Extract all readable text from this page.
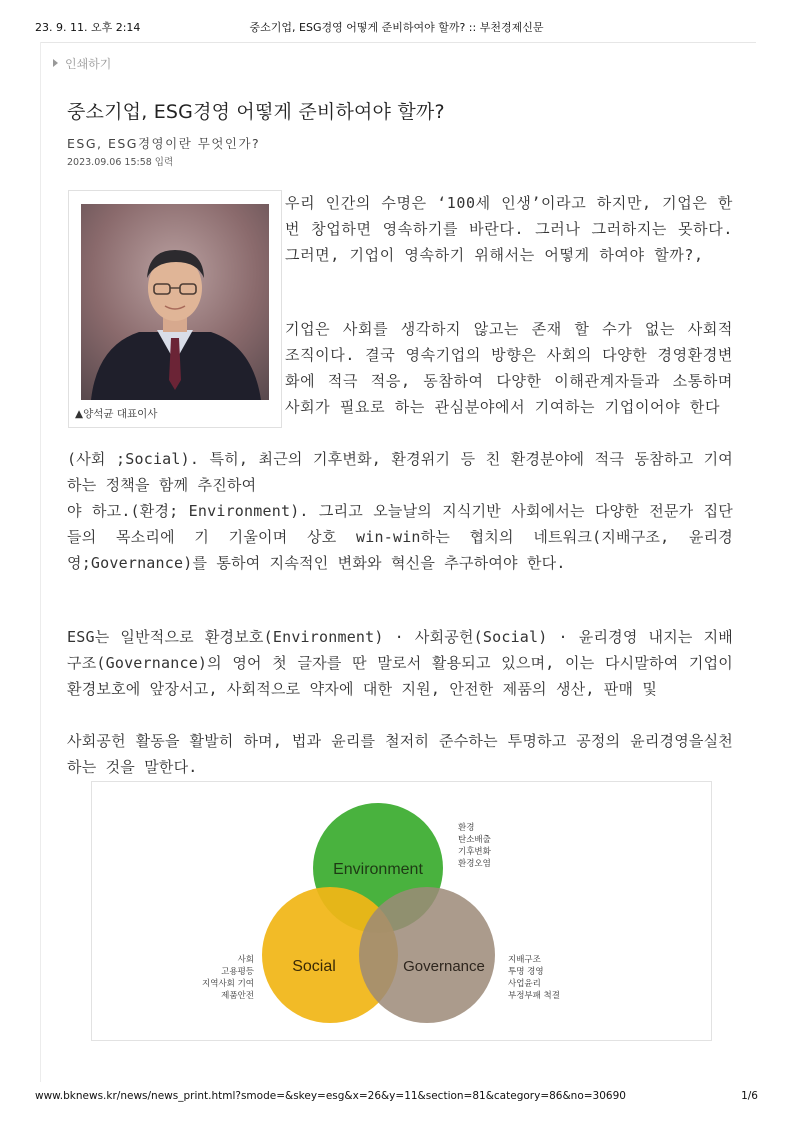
23. 9. 11. 오후 2:14	중소기업, ESG경영 어떻게 준비하여야 할까? :: 부천경제신문
인쇄하기
중소기업, ESG경영 어떻게 준비하여야 할까?
ESG, ESG경영이란 무엇인가?
2023.09.06 15:58 입력
▲양석균 대표이사

우리 인간의 수명은 ‘100세 인생’이라고 하지만, 기업은 한번 창업하면 영속하기를 바란다. 그러나 그러하지는 못하다. 그러면, 기업이 영속하기 위해서는 어떻게 하여야 할까?,

기업은 사회를 생각하지 않고는 존재 할 수가 없는 사회적 조직이다. 결국 영속기업의 방향은 사회의 다양한 경영환경변화에 적극 적응, 동참하여 다양한 이해관계자들과 소통하며 사회가 필요로 하는 관심분야에서 기여하는 기업이어야 한다

(사회 ;Social). 특히, 최근의 기후변화, 환경위기 등 친 환경분야에 적극 동참하고 기여하는 정책을 함께 추진하여

야 하고.(환경; Environment). 그리고 오늘날의 지식기반 사회에서는 다양한 전문가 집단들의 목소리에 기 기울이며 상호 win-win하는 협치의 네트워크(지배구조, 윤리경영;Governance)를 통하여 지속적인 변화와 혁신을 추구하여야 한다.

ESG는 일반적으로 환경보호(Environment) · 사회공헌(Social) · 윤리경영 내지는 지배구조(Governance)의 영어 첫 글자를 딴 말로서 활용되고 있으며, 이는 다시말하여 기업이 환경보호에 앞장서고, 사회적으로 약자에 대한 지원, 안전한 제품의 생산, 판매 및

사회공헌 활동을 활발히 하며, 법과 윤리를 철저히 준수하는 투명하고 공정의 윤리경영을실천하는 것을 말한다.

Environment
Social	Governance
환경
탄소배출
기후변화
환경오염
사회
고용평등
지역사회 기여
제품안전
지배구조
투명 경영
사업윤리
부정부패 척결
www.bknews.kr/news/news_print.html?smode=&skey=esg&x=26&y=11&section=81&category=86&no=30690	1/6
